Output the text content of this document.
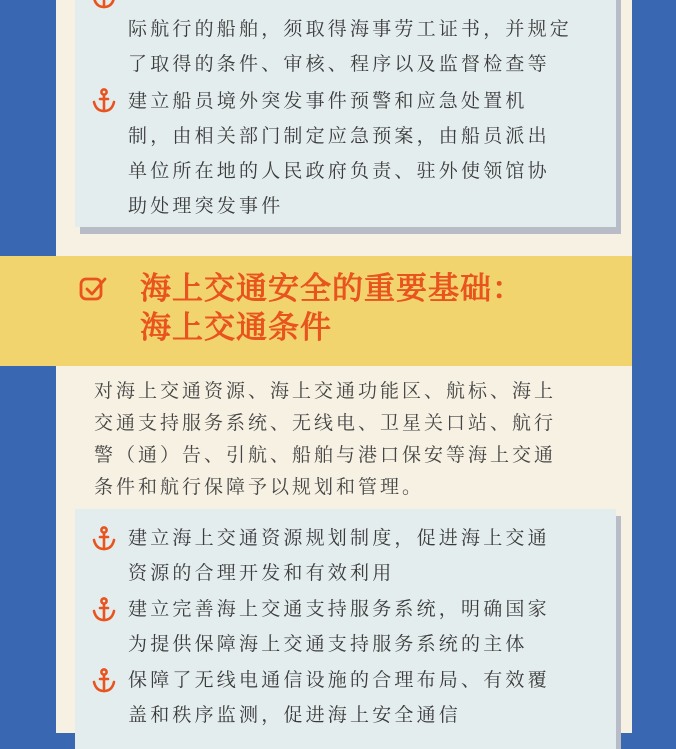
际航行的船舶，须取得海事劳工证书，并规定
了取得的条件、审核、程序以及监督检查等
建立船员境外突发事件预警和应急处置机
制，由相关部门制定应急预案，由船员派出
单位所在地的人民政府负责、驻外使领馆协
助处理突发事件
海上交通安全的重要基础：
海上交通条件
对海上交通资源、海上交通功能区、航标、海上
交通支持服务系统、无线电、卫星关口站、航行
警（通）告、引航、船舶与港口保安等海上交通
条件和航行保障予以规划和管理。
建立海上交通资源规划制度，促进海上交通
资源的合理开发和有效利用
建立完善海上交通支持服务系统，明确国家
为提供保障海上交通支持服务系统的主体
保障了无线电通信设施的合理布局、有效覆
盖和秩序监测，促进海上安全通信
